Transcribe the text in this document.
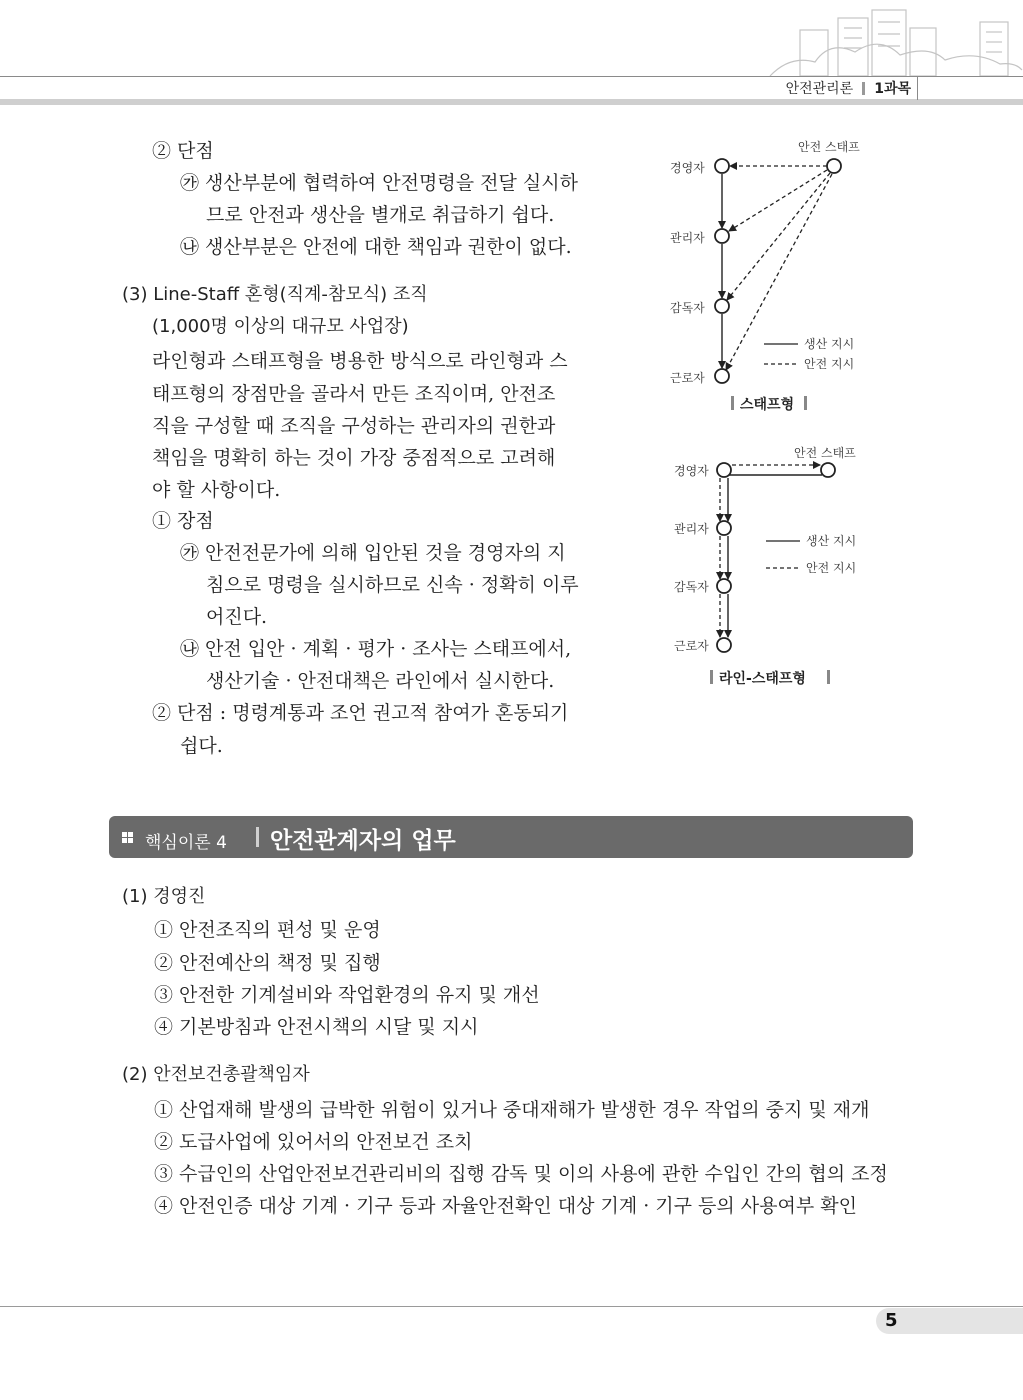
안전관리론 1과목
② 단점
㉮ 생산부분에 협력하여 안전명령을 전달 실시하
므로 안전과 생산을 별개로 취급하기 쉽다.
㉯ 생산부분은 안전에 대한 책임과 권한이 없다.
(3) Line-Staff 혼형(직계-참모식) 조직
(1,000명 이상의 대규모 사업장)
라인형과 스태프형을 병용한 방식으로 라인형과 스
태프형의 장점만을 골라서 만든 조직이며, 안전조
직을 구성할 때 조직을 구성하는 관리자의 권한과
책임을 명확히 하는 것이 가장 중점적으로 고려해
야 할 사항이다.
① 장점
㉮ 안전전문가에 의해 입안된 것을 경영자의 지
침으로 명령을 실시하므로 신속 · 정확히 이루
어진다.
㉯ 안전 입안 · 계획 · 평가 · 조사는 스태프에서,
생산기술 · 안전대책은 라인에서 실시한다.
② 단점 : 명령계통과 조언 권고적 참여가 혼동되기
쉽다.
안전 스태프
경영자
관리자
감독자
근로자
생산 지시
안전 지시
스태프형
안전 스태프
경영자
관리자
감독자
근로자
생산 지시
안전 지시
라인-스태프형
핵심이론 4 안전관계자의 업무
(1) 경영진
① 안전조직의 편성 및 운영
② 안전예산의 책정 및 집행
③ 안전한 기계설비와 작업환경의 유지 및 개선
④ 기본방침과 안전시책의 시달 및 지시
(2) 안전보건총괄책임자
① 산업재해 발생의 급박한 위험이 있거나 중대재해가 발생한 경우 작업의 중지 및 재개
② 도급사업에 있어서의 안전보건 조치
③ 수급인의 산업안전보건관리비의 집행 감독 및 이의 사용에 관한 수입인 간의 협의 조정
④ 안전인증 대상 기계 · 기구 등과 자율안전확인 대상 기계 · 기구 등의 사용여부 확인
5
